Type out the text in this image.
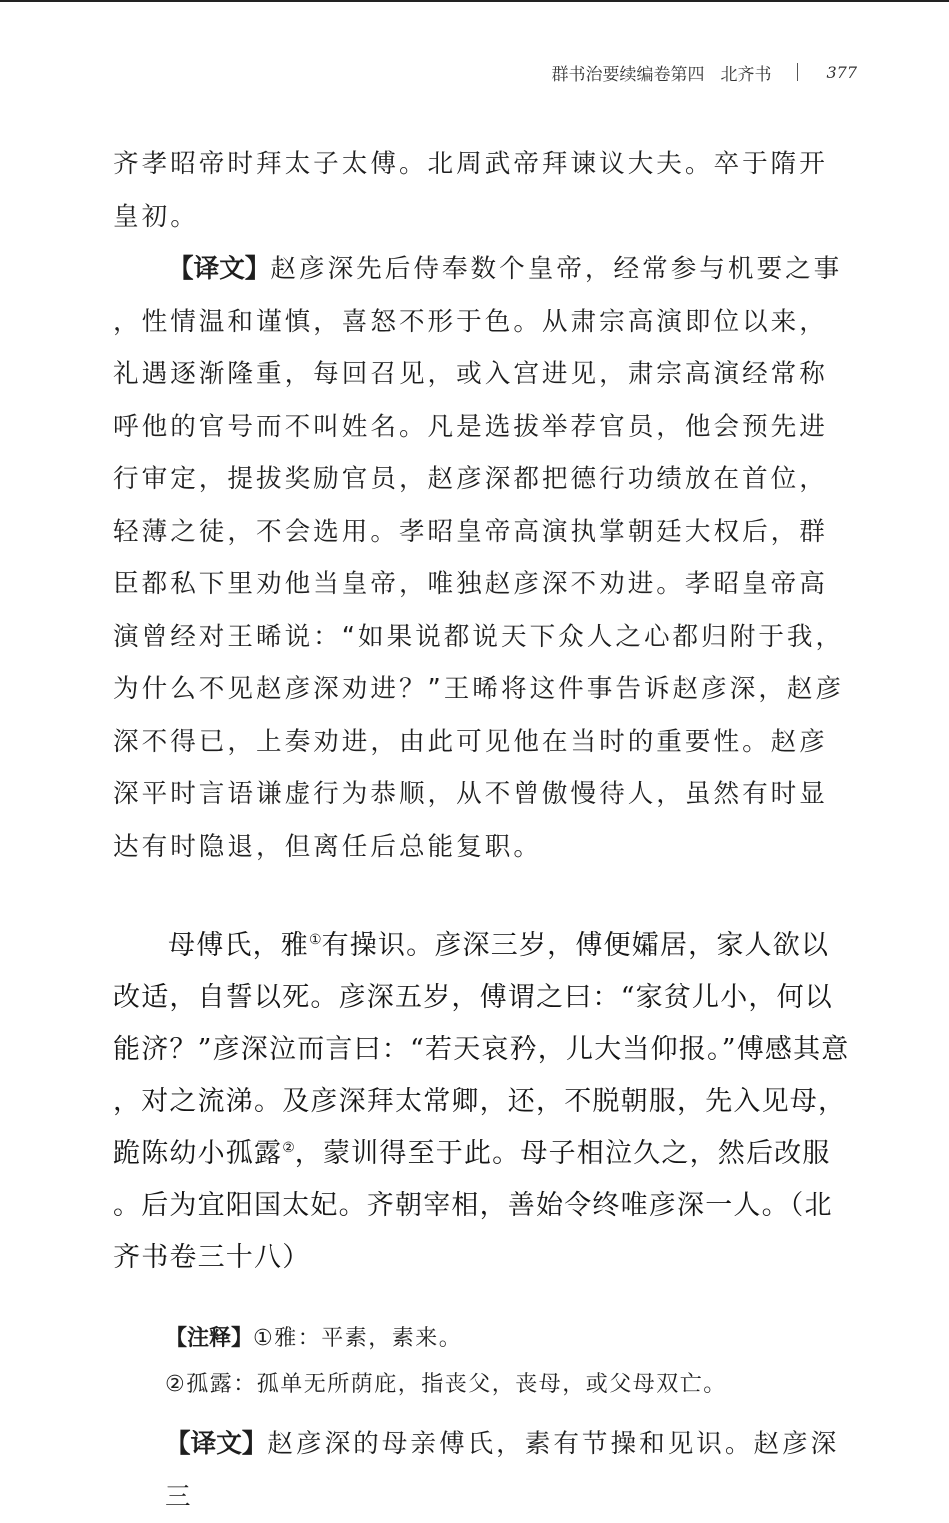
群书治要续编卷第四 北齐书	377

齐孝昭帝时拜太子太傅。北周武帝拜谏议大夫。卒于隋开皇初。

【译文】赵彦深先后侍奉数个皇帝，经常参与机要之事，性情温和谨慎，喜怒不形于色。从肃宗高演即位以来，礼遇逐渐隆重，每回召见，或入宫进见，肃宗高演经常称呼他的官号而不叫姓名。凡是选拔举荐官员，他会预先进行审定，提拔奖励官员，赵彦深都把德行功绩放在首位，轻薄之徒，不会选用。孝昭皇帝高演执掌朝廷大权后，群臣都私下里劝他当皇帝，唯独赵彦深不劝进。孝昭皇帝高演曾经对王晞说：“如果说都说天下众人之心都归附于我，为什么不见赵彦深劝进？”王晞将这件事告诉赵彦深，赵彦深不得已，上奏劝进，由此可见他在当时的重要性。赵彦深平时言语谦虚行为恭顺，从不曾傲慢待人，虽然有时显达有时隐退，但离任后总能复职。

母傅氏，雅①有操识。彦深三岁，傅便孀居，家人欲以改适，自誓以死。彦深五岁，傅谓之曰：“家贫儿小，何以能济？”彦深泣而言曰：“若天哀矜，儿大当仰报。”傅感其意，对之流涕。及彦深拜太常卿，还，不脱朝服，先入见母，跪陈幼小孤露②，蒙训得至于此。母子相泣久之，然后改服。后为宜阳国太妃。齐朝宰相，善始令终唯彦深一人。（北齐书卷三十八）

【注释】①雅：平素，素来。

②孤露：孤单无所荫庇，指丧父，丧母，或父母双亡。

【译文】赵彦深的母亲傅氏，素有节操和见识。赵彦深三
